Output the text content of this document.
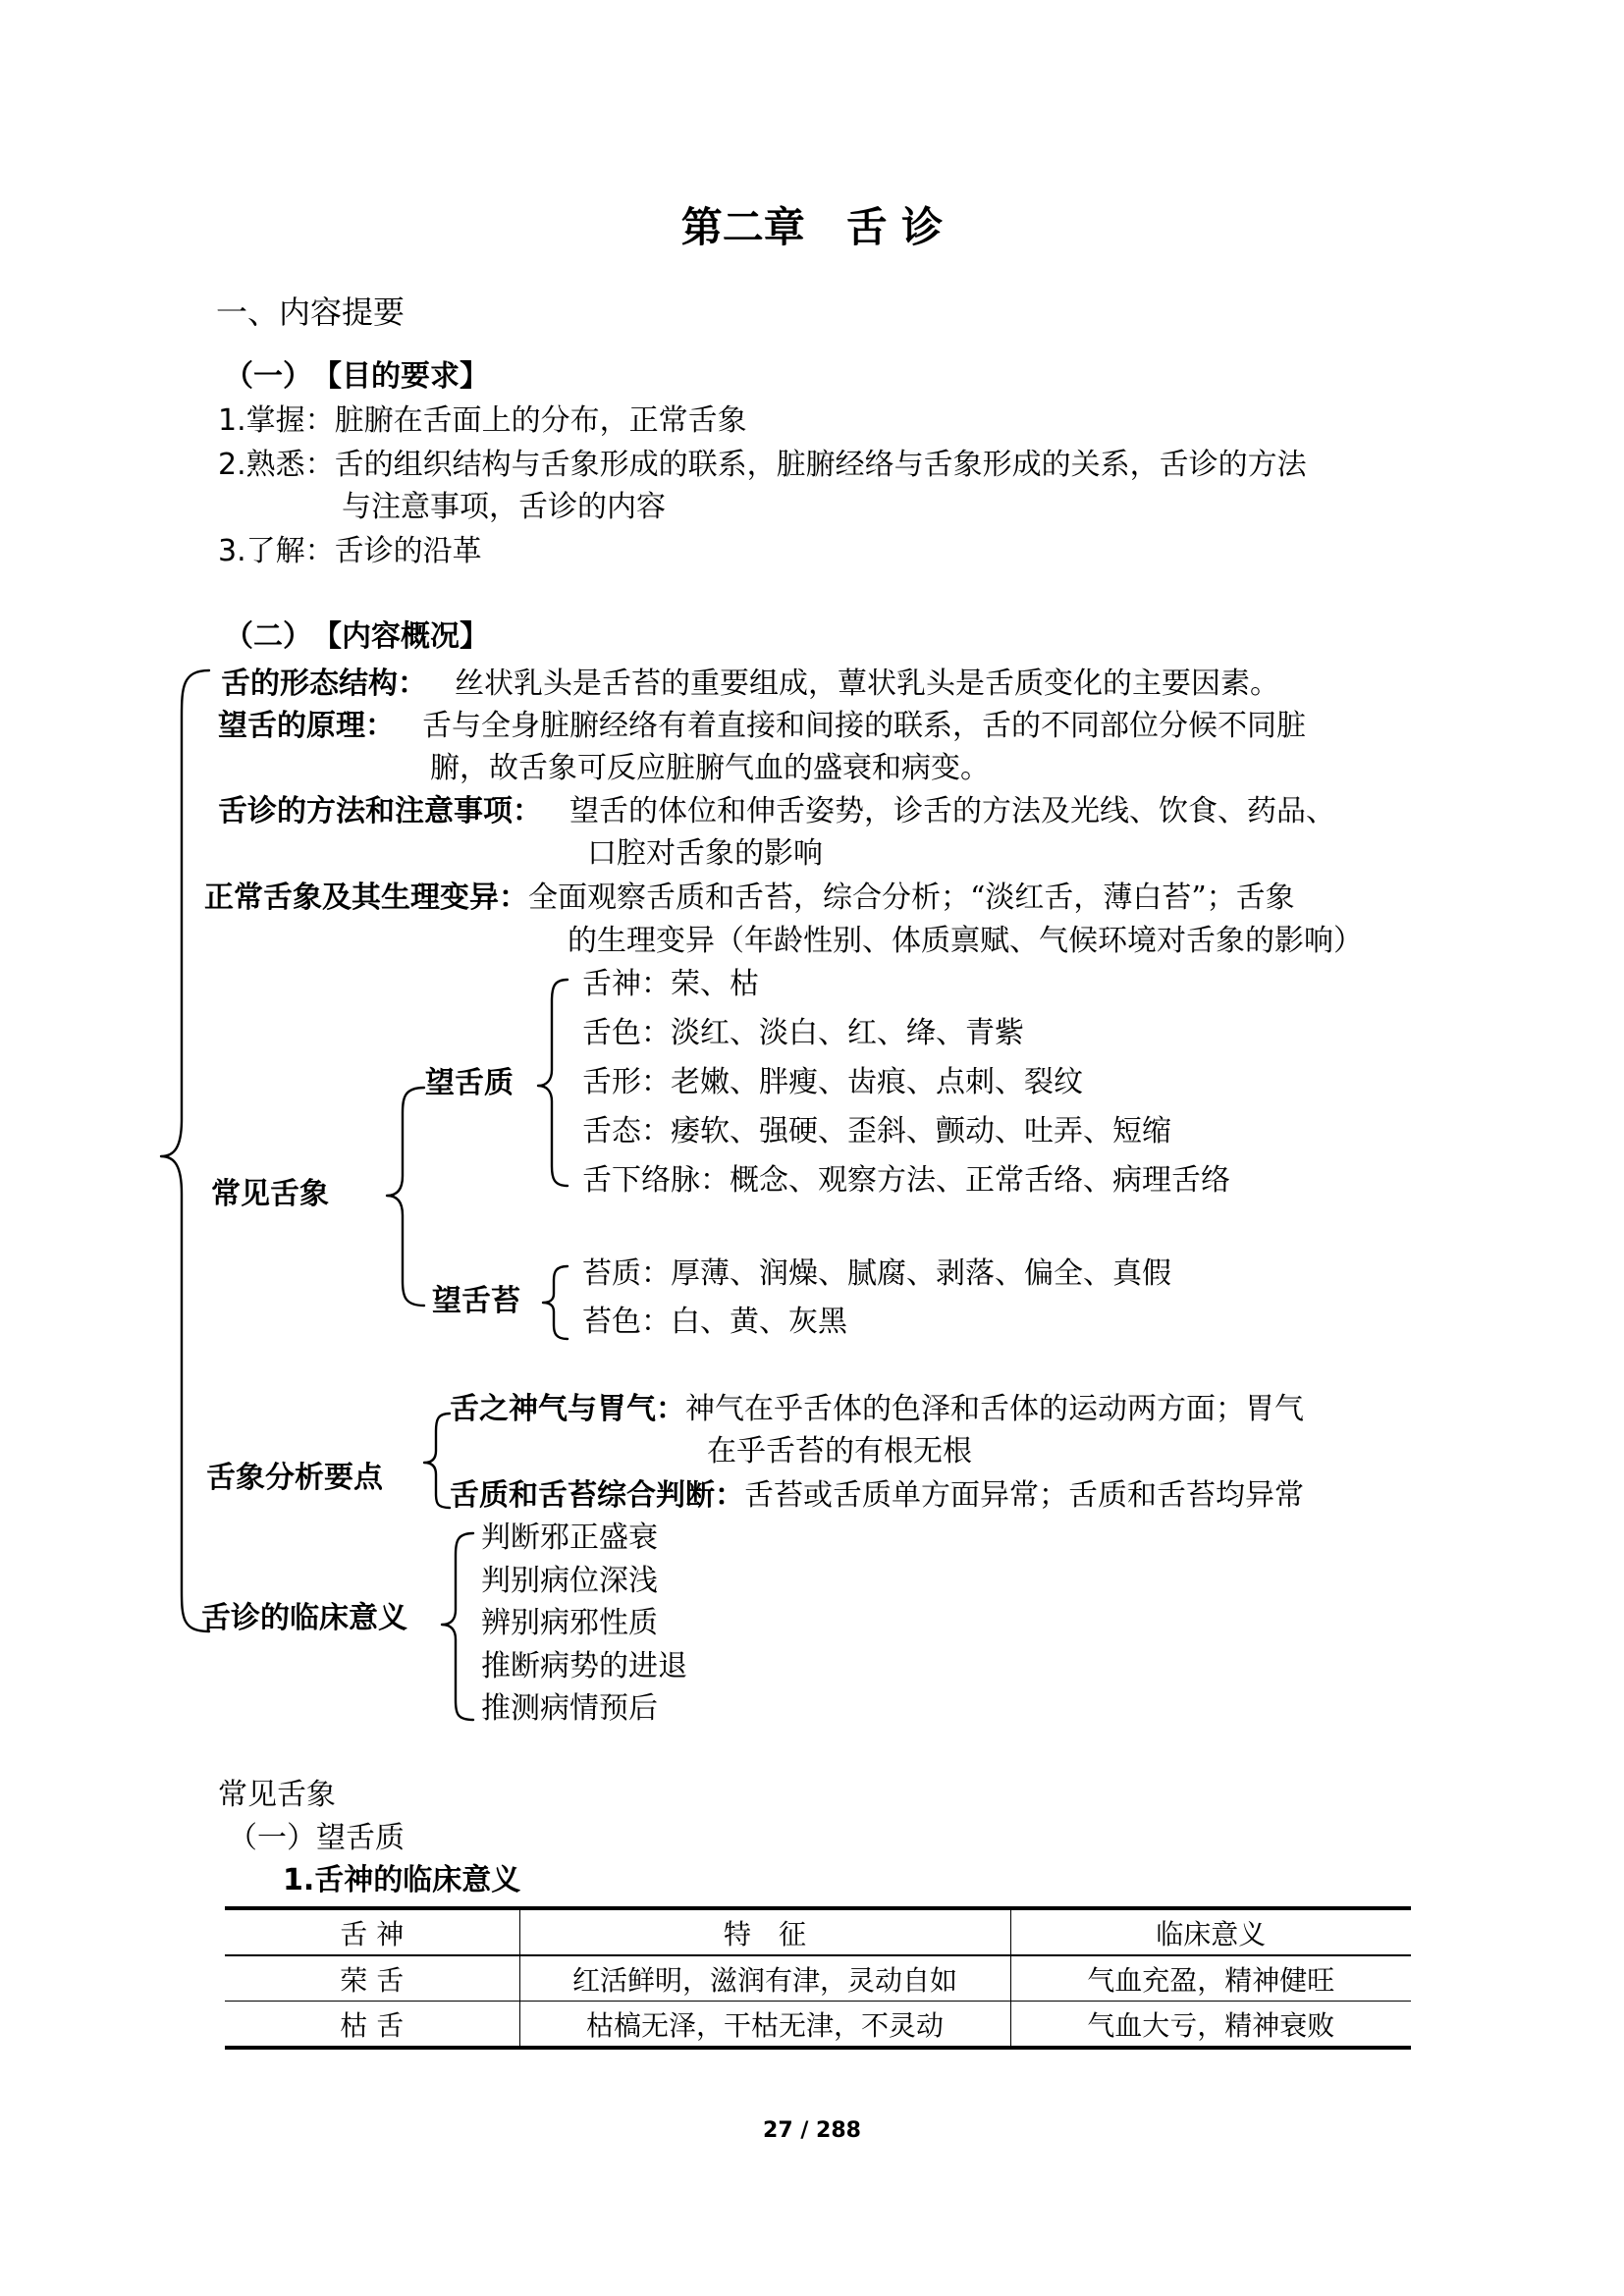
第二章　舌 诊
一、内容提要
（一）　【目的要求】
1.掌握：脏腑在舌面上的分布，正常舌象
2.熟悉：舌的组织结构与舌象形成的联系，脏腑经络与舌象形成的关系，舌诊的方法
与注意事项，舌诊的内容
3.了解：舌诊的沿革
（二）　【内容概况】
舌的形态结构： 丝状乳头是舌苔的重要组成，蕈状乳头是舌质变化的主要因素。
望舌的原理： 舌与全身脏腑经络有着直接和间接的联系，舌的不同部位分候不同脏
腑，故舌象可反应脏腑气血的盛衰和病变。
舌诊的方法和注意事项： 望舌的体位和伸舌姿势，诊舌的方法及光线、饮食、药品、
口腔对舌象的影响
正常舌象及其生理变异：全面观察舌质和舌苔，综合分析；“淡红舌，薄白苔”；舌象
的生理变异（年龄性别、体质禀赋、气候环境对舌象的影响）
常见舌象
望舌质
舌神：荣、枯
舌色：淡红、淡白、红、绛、青紫
舌形：老嫩、胖瘦、齿痕、点刺、裂纹
舌态：痿软、强硬、歪斜、颤动、吐弄、短缩
舌下络脉：概念、观察方法、正常舌络、病理舌络
望舌苔
苔质：厚薄、润燥、腻腐、剥落、偏全、真假
苔色：白、黄、灰黑
舌象分析要点
舌之神气与胃气：神气在乎舌体的色泽和舌体的运动两方面；胃气
在乎舌苔的有根无根
舌质和舌苔综合判断：舌苔或舌质单方面异常；舌质和舌苔均异常
舌诊的临床意义
判断邪正盛衰
判别病位深浅
辨别病邪性质
推断病势的进退
推测病情预后
常见舌象
（一）望舌质
1.舌神的临床意义
舌 神	特　征	临床意义
荣 舌	红活鲜明，滋润有津，灵动自如	气血充盈，精神健旺
枯 舌	枯槁无泽，干枯无津，不灵动	气血大亏，精神衰败
27 / 288
